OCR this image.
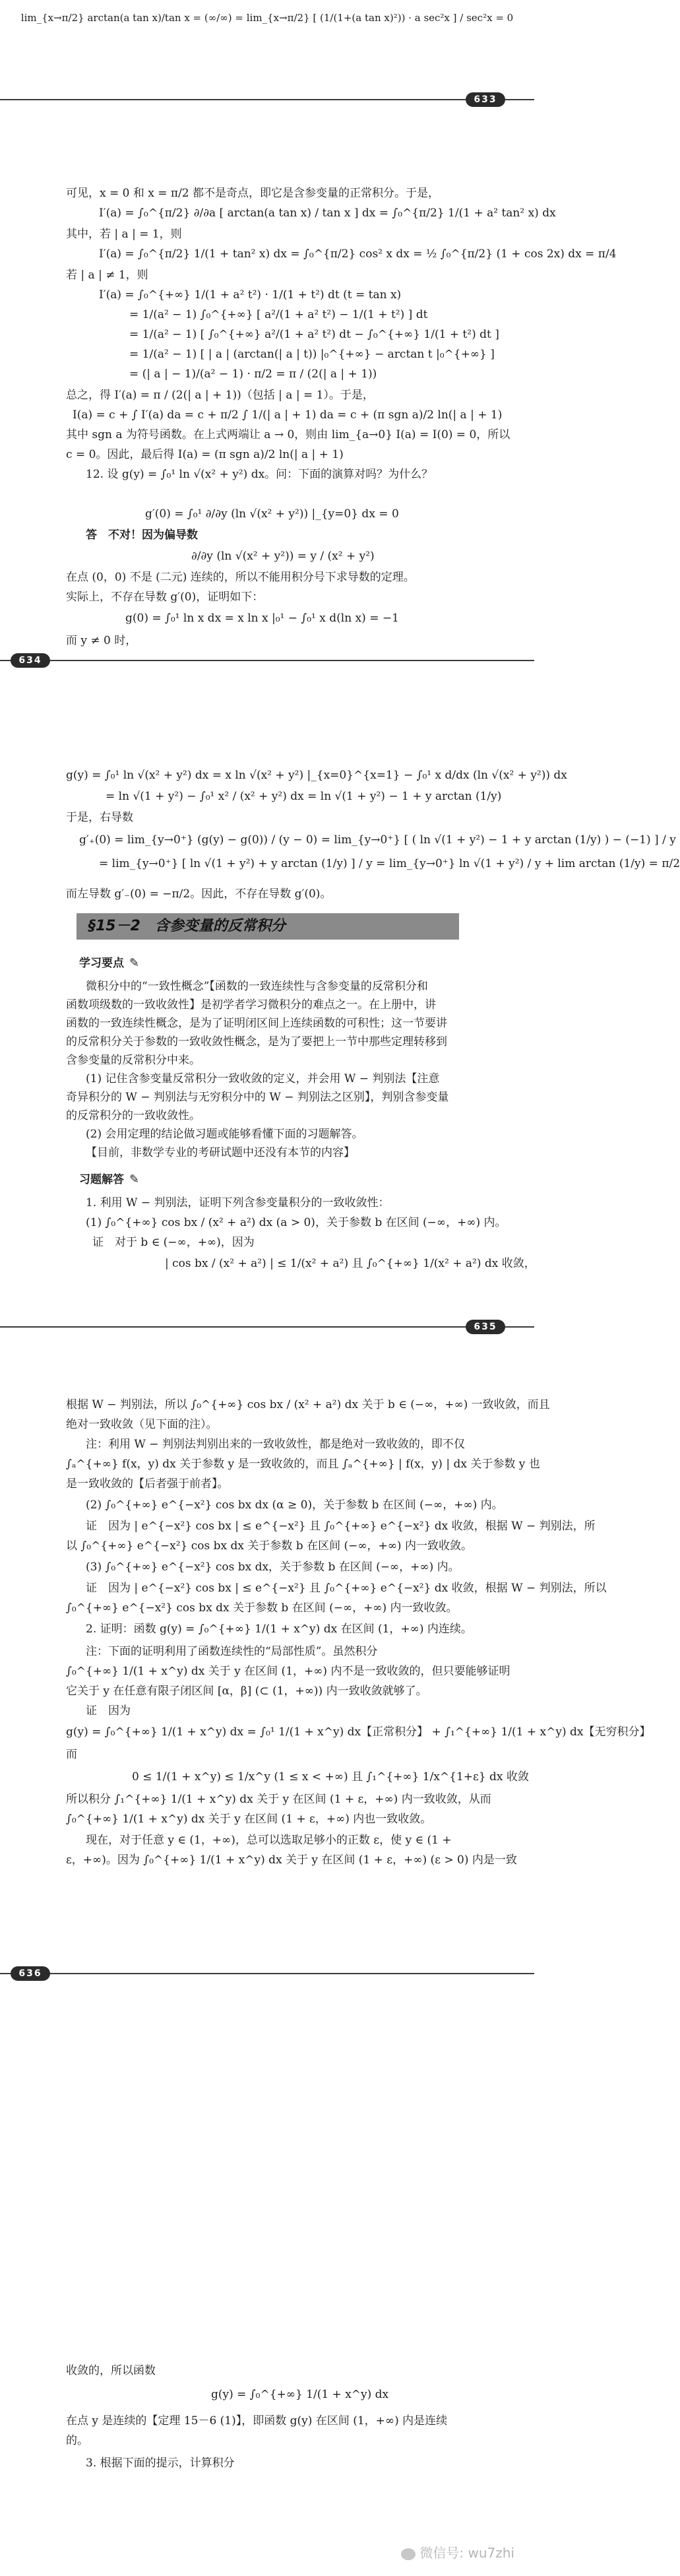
lim_{x→π/2} arctan(a tan x)/tan x = (∞/∞) = lim_{x→π/2} [ (1/(1+(a tan x)²)) · a sec²x ] / sec²x = 0
633
可见，x = 0 和 x = π/2 都不是奇点，即它是含参变量的正常积分。于是，
I′(a) = ∫₀^{π/2} ∂/∂a [ arctan(a tan x) / tan x ] dx = ∫₀^{π/2} 1/(1 + a² tan² x) dx
其中，若 | a | = 1，则
I′(a) = ∫₀^{π/2} 1/(1 + tan² x) dx = ∫₀^{π/2} cos² x dx = ½ ∫₀^{π/2} (1 + cos 2x) dx = π/4
若 | a | ≠ 1，则
I′(a) = ∫₀^{+∞} 1/(1 + a² t²) · 1/(1 + t²) dt (t = tan x)
= 1/(a² − 1) ∫₀^{+∞} [ a²/(1 + a² t²) − 1/(1 + t²) ] dt
= 1/(a² − 1) [ ∫₀^{+∞} a²/(1 + a² t²) dt − ∫₀^{+∞} 1/(1 + t²) dt ]
= 1/(a² − 1) [ | a | (arctan(| a | t)) |₀^{+∞} − arctan t |₀^{+∞} ]
= (| a | − 1)/(a² − 1) · π/2 = π / (2(| a | + 1))
总之，得 I′(a) = π / (2(| a | + 1))（包括 | a | = 1）。于是，
I(a) = c + ∫ I′(a) da = c + π/2 ∫ 1/(| a | + 1) da = c + (π sgn a)/2 ln(| a | + 1)
其中 sgn a 为符号函数。在上式两端让 a → 0，则由 lim_{a→0} I(a) = I(0) = 0，所以
c = 0。因此，最后得 I(a) = (π sgn a)/2 ln(| a | + 1)
12. 设 g(y) = ∫₀¹ ln √(x² + y²) dx。问：下面的演算对吗？为什么？
g′(0) = ∫₀¹ ∂/∂y (ln √(x² + y²)) |_{y=0} dx = 0
答　不对！因为偏导数
∂/∂y (ln √(x² + y²)) = y / (x² + y²)
在点 (0，0) 不是 (二元) 连续的，所以不能用积分号下求导数的定理。
实际上，不存在导数 g′(0)，证明如下：
g(0) = ∫₀¹ ln x dx = x ln x |₀¹ − ∫₀¹ x d(ln x) = −1
而 y ≠ 0 时，
634
g(y) = ∫₀¹ ln √(x² + y²) dx = x ln √(x² + y²) |_{x=0}^{x=1} − ∫₀¹ x d/dx (ln √(x² + y²)) dx
= ln √(1 + y²) − ∫₀¹ x² / (x² + y²) dx = ln √(1 + y²) − 1 + y arctan (1/y)
于是，右导数
g′₊(0) = lim_{y→0⁺} (g(y) − g(0)) / (y − 0) = lim_{y→0⁺} [ ( ln √(1 + y²) − 1 + y arctan (1/y) ) − (−1) ] / y
= lim_{y→0⁺} [ ln √(1 + y²) + y arctan (1/y) ] / y = lim_{y→0⁺} ln √(1 + y²) / y + lim arctan (1/y) = π/2
而左导数 g′₋(0) = −π/2。因此，不存在导数 g′(0)。
§15－2　含参变量的反常积分
学习要点 ✎
微积分中的“一致性概念”【函数的一致连续性与含参变量的反常积分和
函数项级数的一致收敛性】是初学者学习微积分的难点之一。在上册中，讲
函数的一致连续性概念，是为了证明闭区间上连续函数的可积性；这一节要讲
的反常积分关于参数的一致收敛性概念，是为了要把上一节中那些定理转移到
含参变量的反常积分中来。
(1) 记住含参变量反常积分一致收敛的定义，并会用 W − 判别法【注意
奇异积分的 W − 判别法与无穷积分中的 W − 判别法之区别】，判别含参变量
的反常积分的一致收敛性。
(2) 会用定理的结论做习题或能够看懂下面的习题解答。
【目前，非数学专业的考研试题中还没有本节的内容】
习题解答 ✎
1. 利用 W − 判别法，证明下列含参变量积分的一致收敛性：
(1) ∫₀^{+∞} cos bx / (x² + a²) dx (a > 0)，关于参数 b 在区间 (−∞，+∞) 内。
证　对于 b ∈ (−∞，+∞)，因为
| cos bx / (x² + a²) | ≤ 1/(x² + a²) 且 ∫₀^{+∞} 1/(x² + a²) dx 收敛，
635
根据 W − 判别法，所以 ∫₀^{+∞} cos bx / (x² + a²) dx 关于 b ∈ (−∞，+∞) 一致收敛，而且
绝对一致收敛（见下面的注）。
注：利用 W − 判别法判别出来的一致收敛性，都是绝对一致收敛的，即不仅
∫ₐ^{+∞} f(x，y) dx 关于参数 y 是一致收敛的，而且 ∫ₐ^{+∞} | f(x，y) | dx 关于参数 y 也
是一致收敛的【后者强于前者】。
(2) ∫₀^{+∞} e^{−x²} cos bx dx (α ≥ 0)，关于参数 b 在区间 (−∞，+∞) 内。
证　因为 | e^{−x²} cos bx | ≤ e^{−x²} 且 ∫₀^{+∞} e^{−x²} dx 收敛，根据 W − 判别法，所
以 ∫₀^{+∞} e^{−x²} cos bx dx 关于参数 b 在区间 (−∞，+∞) 内一致收敛。
(3) ∫₀^{+∞} e^{−x²} cos bx dx，关于参数 b 在区间 (−∞，+∞) 内。
证　因为 | e^{−x²} cos bx | ≤ e^{−x²} 且 ∫₀^{+∞} e^{−x²} dx 收敛，根据 W − 判别法，所以
∫₀^{+∞} e^{−x²} cos bx dx 关于参数 b 在区间 (−∞，+∞) 内一致收敛。
2. 证明：函数 g(y) = ∫₀^{+∞} 1/(1 + x^y) dx 在区间 (1，+∞) 内连续。
注：下面的证明利用了函数连续性的“局部性质”。虽然积分
∫₀^{+∞} 1/(1 + x^y) dx 关于 y 在区间 (1，+∞) 内不是一致收敛的，但只要能够证明
它关于 y 在任意有限子闭区间 [α，β] (⊂ (1，+∞)) 内一致收敛就够了。
证　因为
g(y) = ∫₀^{+∞} 1/(1 + x^y) dx = ∫₀¹ 1/(1 + x^y) dx【正常积分】 + ∫₁^{+∞} 1/(1 + x^y) dx【无穷积分】
而
0 ≤ 1/(1 + x^y) ≤ 1/x^y (1 ≤ x < +∞) 且 ∫₁^{+∞} 1/x^{1+ε} dx 收敛
所以积分 ∫₁^{+∞} 1/(1 + x^y) dx 关于 y 在区间 (1 + ε，+∞) 内一致收敛，从而
∫₀^{+∞} 1/(1 + x^y) dx 关于 y 在区间 (1 + ε，+∞) 内也一致收敛。
现在，对于任意 y ∈ (1，+∞)，总可以选取足够小的正数 ε，使 y ∈ (1 +
ε，+∞)。因为 ∫₀^{+∞} 1/(1 + x^y) dx 关于 y 在区间 (1 + ε，+∞) (ε > 0) 内是一致
636
收敛的，所以函数
g(y) = ∫₀^{+∞} 1/(1 + x^y) dx
在点 y 是连续的【定理 15－6 (1)】，即函数 g(y) 在区间 (1，+∞) 内是连续
的。
3. 根据下面的提示，计算积分
微信号: wu7zhi
